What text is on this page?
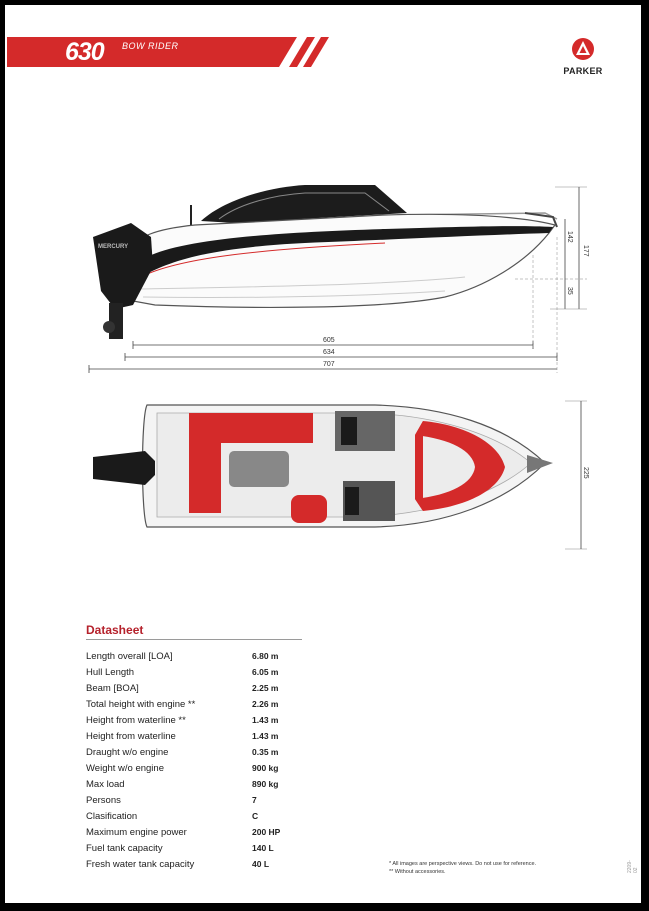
630 BOW RIDER
PARKER
MERCURY	177
142
35
605
634
707
225
Datasheet
Length overall [LOA]	6.80 m
Hull Length	6.05 m
Beam [BOA]	2.25 m
Total height with engine **	2.26 m
Height from waterline **	1.43 m
Height from waterline	1.43 m
Draught w/o engine	0.35 m
Weight w/o engine	900 kg
Max load	890 kg
Persons	7
Clasification	C
Maximum engine power	200 HP
Fuel tank capacity	140 L
Fresh water tank capacity	40 L	* All images are perspective views. Do not use for reference.
** Without accessories.	2209-02
